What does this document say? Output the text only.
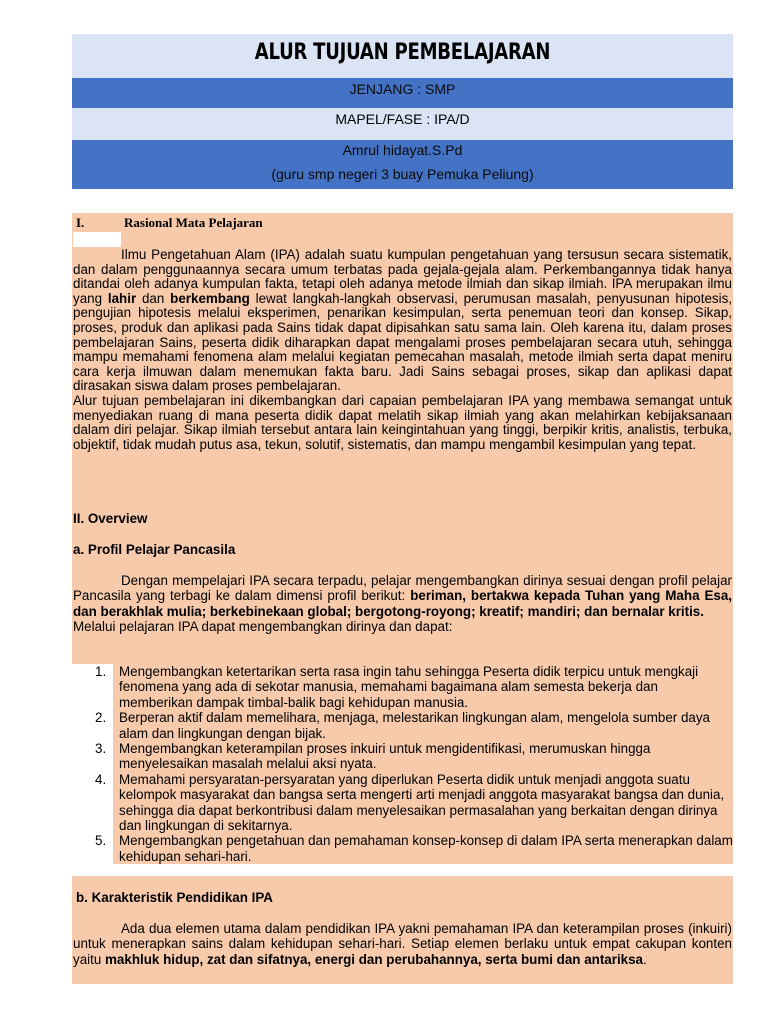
ALUR TUJUAN PEMBELAJARAN
JENJANG : SMP
MAPEL/FASE : IPA/D
Amrul hidayat.S.Pd
(guru smp negeri 3 buay Pemuka Peliung)
I.	Rasional Mata Pelajaran

Ilmu Pengetahuan Alam (IPA) adalah suatu kumpulan pengetahuan yang tersusun secara sistematik, dan dalam penggunaannya secara umum terbatas pada gejala-gejala alam. Perkembangannya tidak hanya ditandai oleh adanya kumpulan fakta, tetapi oleh adanya metode ilmiah dan sikap ilmiah. IPA merupakan ilmu yang lahir dan berkembang lewat langkah-langkah observasi, perumusan masalah, penyusunan hipotesis, pengujian hipotesis melalui eksperimen, penarikan kesimpulan, serta penemuan teori dan konsep. Sikap, proses, produk dan aplikasi pada Sains tidak dapat dipisahkan satu sama lain. Oleh karena itu, dalam proses pembelajaran Sains, peserta didik diharapkan dapat mengalami proses pembelajaran secara utuh, sehingga mampu memahami fenomena alam melalui kegiatan pemecahan masalah, metode ilmiah serta dapat meniru cara kerja ilmuwan dalam menemukan fakta baru. Jadi Sains sebagai proses, sikap dan aplikasi dapat dirasakan siswa dalam proses pembelajaran.

Alur tujuan pembelajaran ini dikembangkan dari capaian pembelajaran IPA yang membawa semangat untuk menyediakan ruang di mana peserta didik dapat melatih sikap ilmiah yang akan melahirkan kebijaksanaan dalam diri pelajar. Sikap ilmiah tersebut antara lain keingintahuan yang tinggi, berpikir kritis, analistis, terbuka, objektif, tidak mudah putus asa, tekun, solutif, sistematis, dan mampu mengambil kesimpulan yang tepat.

II. Overview
a. Profil Pelajar Pancasila

Dengan mempelajari IPA secara terpadu, pelajar mengembangkan dirinya sesuai dengan profil pelajar Pancasila yang terbagi ke dalam dimensi profil berikut: beriman, bertakwa kepada Tuhan yang Maha Esa, dan berakhlak mulia; berkebinekaan global; bergotong-royong; kreatif; mandiri; dan bernalar kritis.

Melalui pelajaran IPA dapat mengembangkan dirinya dan dapat:

1. Mengembangkan ketertarikan serta rasa ingin tahu sehingga Peserta didik terpicu untuk mengkaji fenomena yang ada di sekotar manusia, memahami bagaimana alam semesta bekerja dan memberikan dampak timbal-balik bagi kehidupan manusia.
2. Berperan aktif dalam memelihara, menjaga, melestarikan lingkungan alam, mengelola sumber daya alam dan lingkungan dengan bijak.
3. Mengembangkan keterampilan proses inkuiri untuk mengidentifikasi, merumuskan hingga menyelesaikan masalah melalui aksi nyata.
4. Memahami persyaratan-persyaratan yang diperlukan Peserta didik untuk menjadi anggota suatu kelompok masyarakat dan bangsa serta mengerti arti menjadi anggota masyarakat bangsa dan dunia, sehingga dia dapat berkontribusi dalam menyelesaikan permasalahan yang berkaitan dengan dirinya dan lingkungan di sekitarnya.
5. Mengembangkan pengetahuan dan pemahaman konsep-konsep di dalam IPA serta menerapkan dalam kehidupan sehari-hari.
b. Karakteristik Pendidikan IPA

Ada dua elemen utama dalam pendidikan IPA yakni pemahaman IPA dan keterampilan proses (inkuiri) untuk menerapkan sains dalam kehidupan sehari-hari. Setiap elemen berlaku untuk empat cakupan konten yaitu makhluk hidup, zat dan sifatnya, energi dan perubahannya, serta bumi dan antariksa.
